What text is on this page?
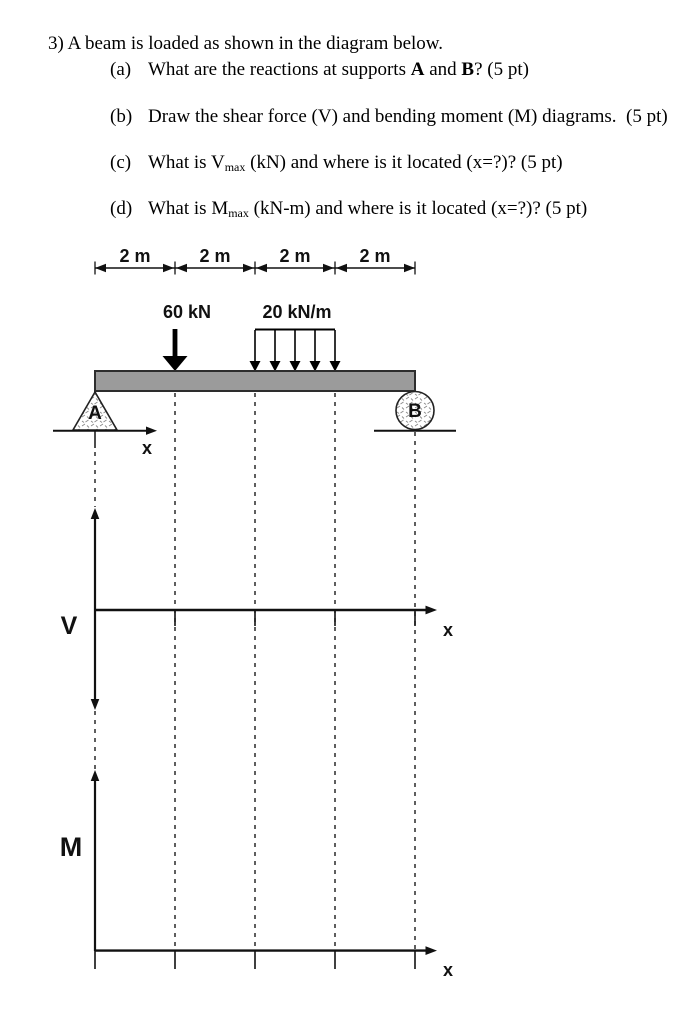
3) A beam is loaded as shown in the diagram below.
(a) What are the reactions at supports A and B? (5 pt)
(b) Draw the shear force (V) and bending moment (M) diagrams.  (5 pt)
(c) What is $V_{max}$ (kN) and where is it located (x=?)? (5 pt)
(d) What is $M_{max}$ (kN-m) and where is it located (x=?)? (5 pt)
2 m	2 m	2 m	2 m
60 kN	20 kN/m
A
x
B
V	x
M
x
